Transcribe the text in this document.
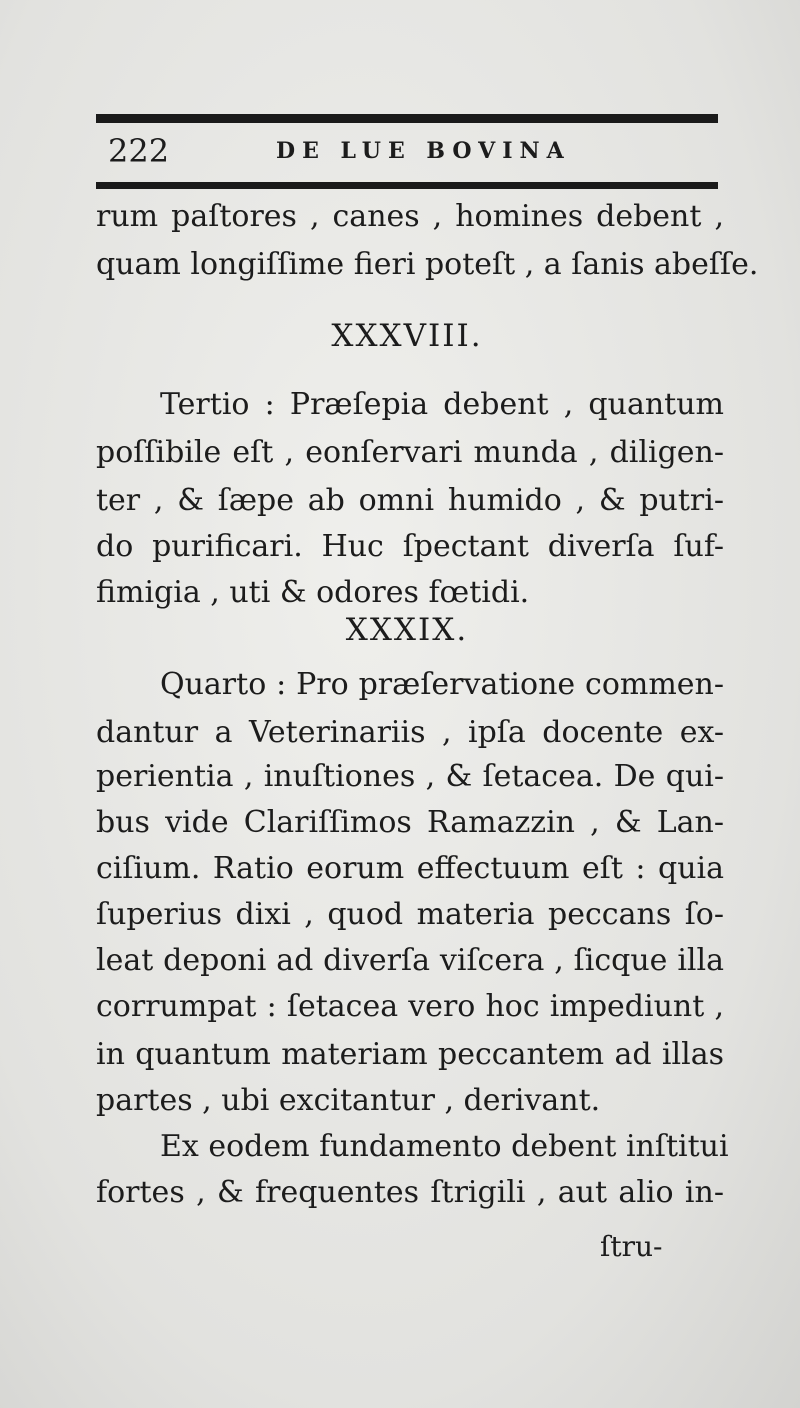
222	DE LUE BOVINA
rum paſtores , canes , homines debent ,
quam longiſſime fieri poteſt , a ſanis abeſſe.
XXXVIII.
Tertio : Præſepia debent , quantum
poſſibile eſt , eonſervari munda , diligen-
ter , & ſæpe ab omni humido , & putri-
do purificari. Huc ſpectant diverſa ſuf-
fimigia , uti & odores fœtidi.
XXXIX.
Quarto : Pro præſervatione commen-
dantur a Veterinariis , ipſa docente ex-
perientia , inuſtiones , & ſetacea. De qui-
bus vide Clariſſimos Ramazzin , & Lan-
ciſium. Ratio eorum effectuum eſt : quia
ſuperius dixi , quod materia peccans ſo-
leat deponi ad diverſa viſcera , ſicque illa
corrumpat : ſetacea vero hoc impediunt ,
in quantum materiam peccantem ad illas
partes , ubi excitantur , derivant.
Ex eodem fundamento debent inſtitui
fortes , & frequentes ſtrigili , aut alio in-
ſtru-
